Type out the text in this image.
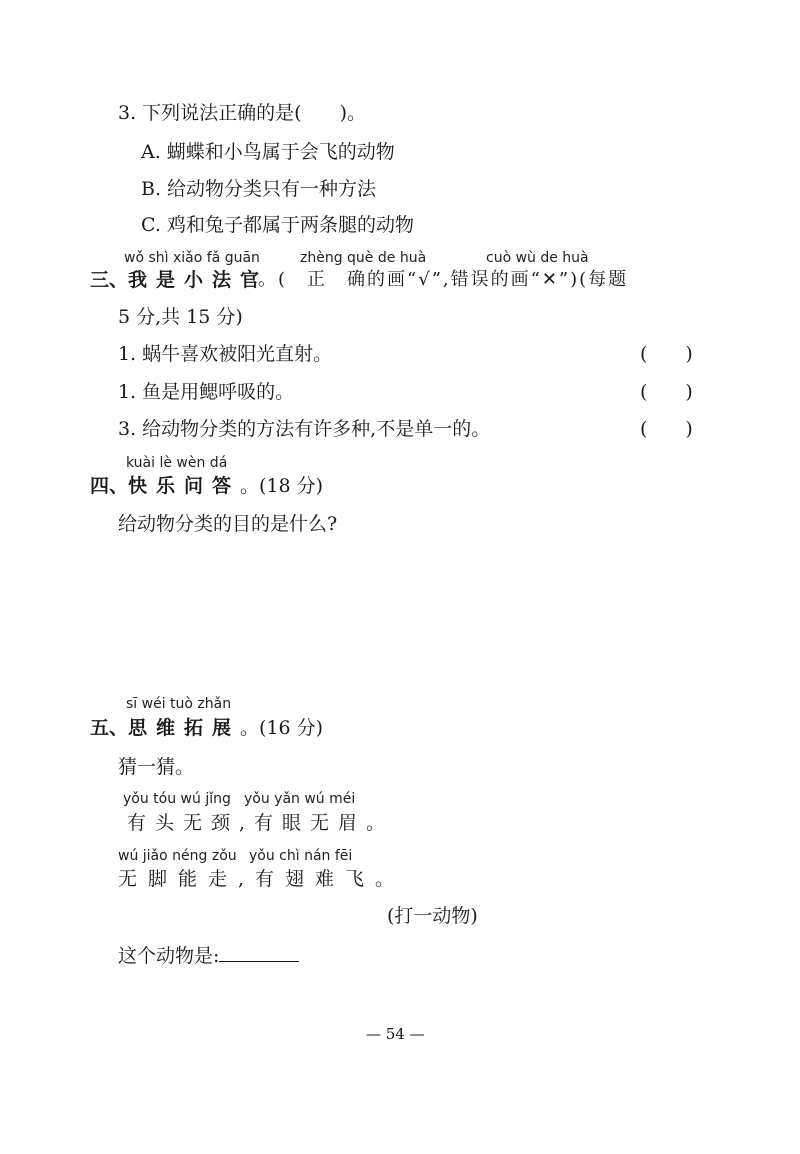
3. 下列说法正确的是(　　)。
A. 蝴蝶和小鸟属于会飞的动物
B. 给动物分类只有一种方法
C. 鸡和兔子都属于两条腿的动物
wǒ shì xiǎo fǎ guān	zhèng què de huà	cuò wù de huà
三、我是小法官
。(　正　确的画“√”,错误的画“✕”)(每题
5 分,共 15 分)
1. 蜗牛喜欢被阳光直射。	(　　)
1. 鱼是用鳃呼吸的。	(　　)
3. 给动物分类的方法有许多种,不是单一的。	(　　)
kuài lè wèn dá
四、快乐问答。(18 分)
给动物分类的目的是什么?
sī wéi tuò zhǎn
五、思维拓展。(16 分)
猜一猜。
yǒu tóu wú jǐng yǒu yǎn wú méi
有头无颈,有眼无眉。
wú jiǎo néng zǒu yǒu chì nán fēi
无脚能走,有翅难飞。
(打一动物)
这个动物是:
— 54 —
